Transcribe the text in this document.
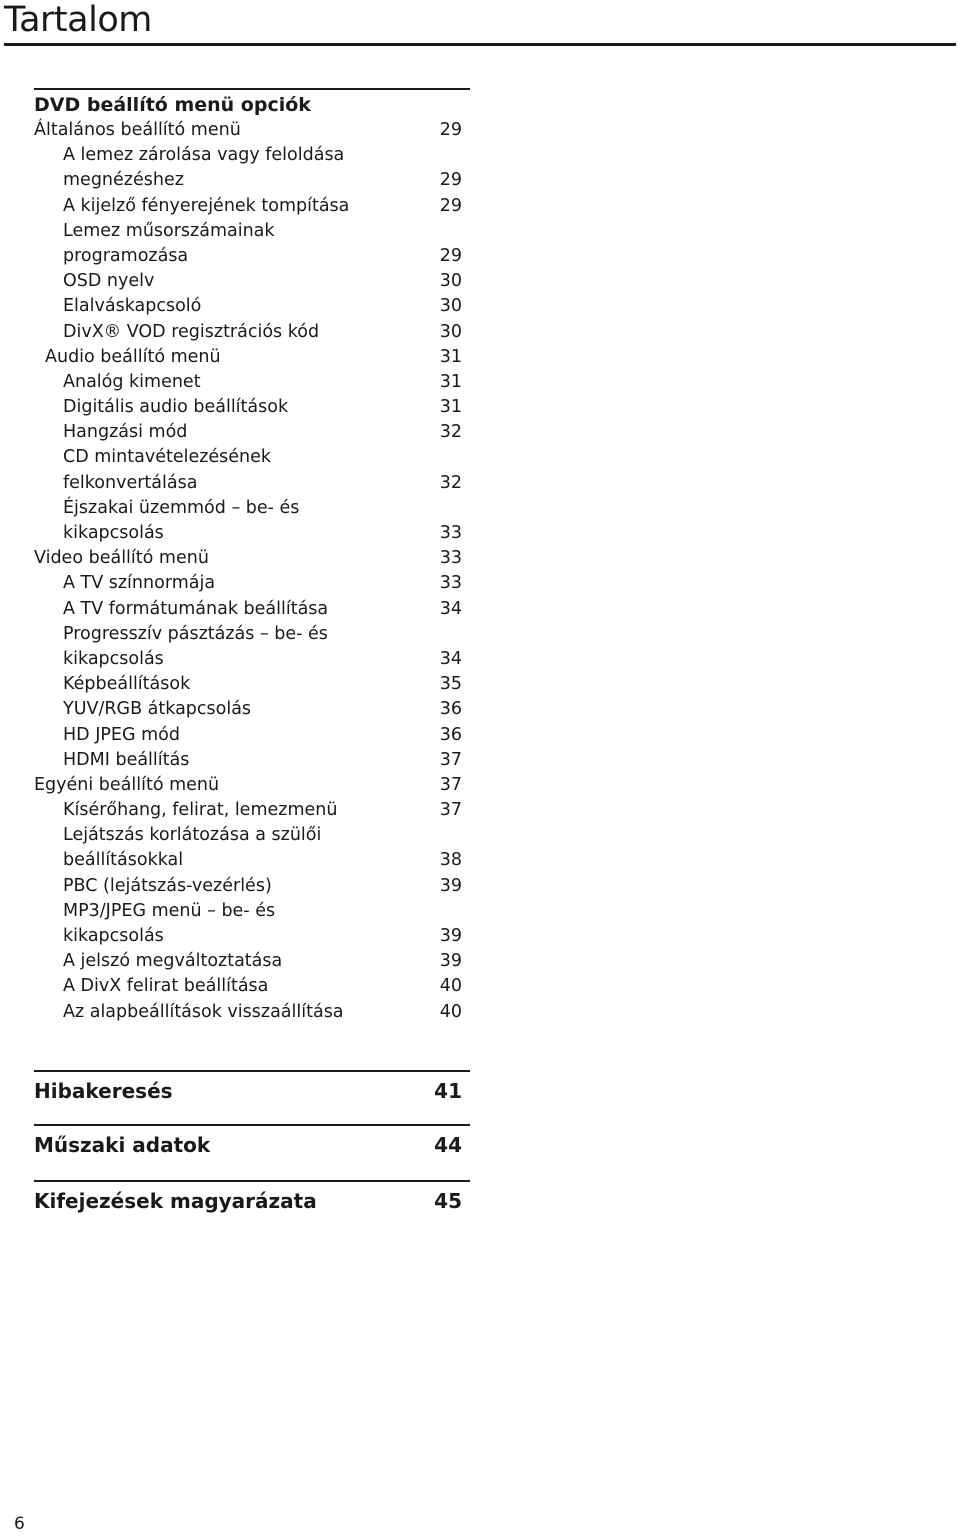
Tartalom
DVD beállító menü opciók
Általános beállító menü	29
A lemez zárolása vagy feloldása
megnézéshez	29
A kijelző fényerejének tompítása	29
Lemez műsorszámainak
programozása	29
OSD nyelv	30
Elalváskapcsoló	30
DivX® VOD regisztrációs kód	30
Audio beállító menü	31
Analóg kimenet	31
Digitális audio beállítások	31
Hangzási mód	32
CD mintavételezésének
felkonvertálása	32
Éjszakai üzemmód – be- és
kikapcsolás	33
Video beállító menü	33
A TV színnormája	33
A TV formátumának beállítása	34
Progresszív pásztázás – be- és
kikapcsolás	34
Képbeállítások	35
YUV/RGB átkapcsolás	36
HD JPEG mód	36
HDMI beállítás	37
Egyéni beállító menü	37
Kísérőhang, felirat, lemezmenü	37
Lejátszás korlátozása a szülői
beállításokkal	38
PBC (lejátszás-vezérlés)	39
MP3/JPEG menü – be- és
kikapcsolás	39
A jelszó megváltoztatása	39
A DivX felirat beállítása	40
Az alapbeállítások visszaállítása	40
Hibakeresés	41
Műszaki adatok	44
Kifejezések magyarázata	45
6
